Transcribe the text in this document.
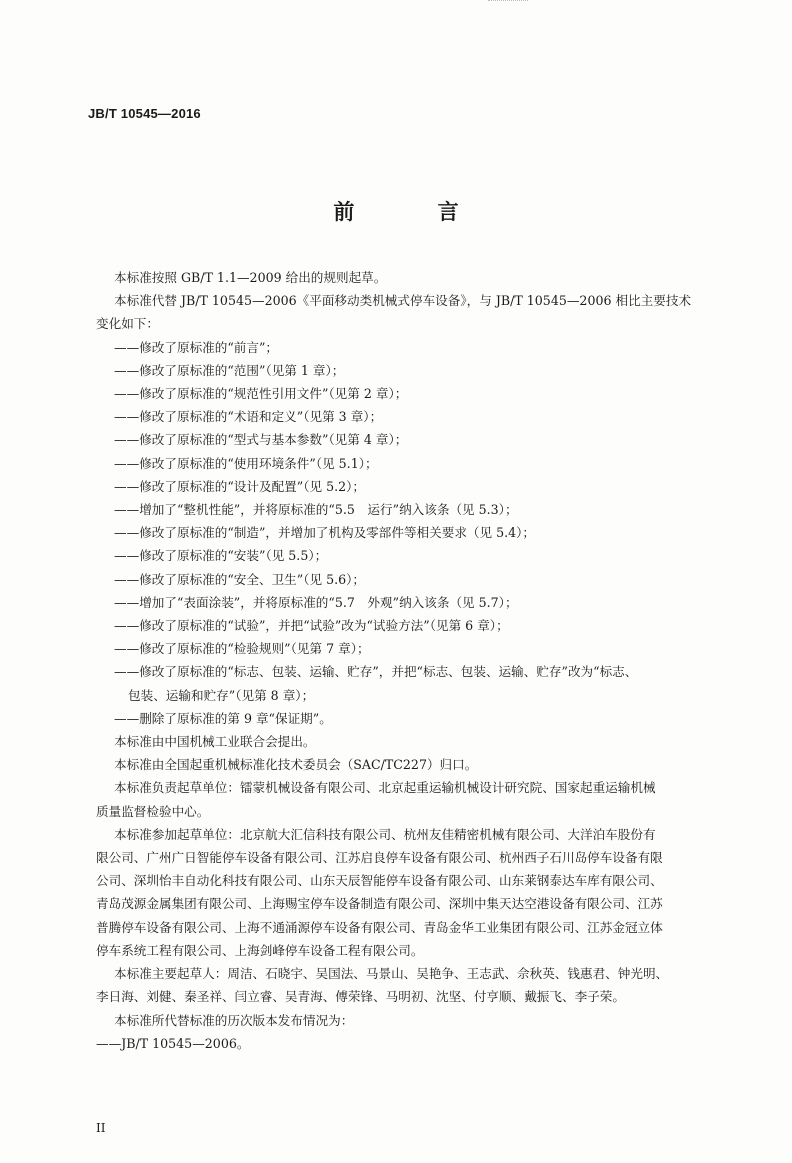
JB/T 10545—2016
前 言

本标准按照 GB/T 1.1—2009 给出的规则起草。

本标准代替 JB/T 10545—2006《平面移动类机械式停车设备》，与 JB/T 10545—2006 相比主要技术

变化如下：

——修改了原标准的“前言”；

——修改了原标准的“范围”（见第 1 章）；

——修改了原标准的“规范性引用文件”（见第 2 章）；

——修改了原标准的“术语和定义”（见第 3 章）；

——修改了原标准的“型式与基本参数”（见第 4 章）；

——修改了原标准的“使用环境条件”（见 5.1）；

——修改了原标准的“设计及配置”（见 5.2）；

——增加了“整机性能”，并将原标准的“5.5　运行”纳入该条（见 5.3）；

——修改了原标准的“制造”，并增加了机构及零部件等相关要求（见 5.4）；

——修改了原标准的“安装”（见 5.5）；

——修改了原标准的“安全、卫生”（见 5.6）；

——增加了“表面涂装”，并将原标准的“5.7　外观”纳入该条（见 5.7）；

——修改了原标准的“试验”，并把“试验”改为“试验方法”（见第 6 章）；

——修改了原标准的“检验规则”（见第 7 章）；

——修改了原标准的“标志、包装、运输、贮存”，并把“标志、包装、运输、贮存”改为“标志、

包装、运输和贮存”（见第 8 章）；

——删除了原标准的第 9 章“保证期”。

本标准由中国机械工业联合会提出。

本标准由全国起重机械标准化技术委员会（SAC/TC227）归口。

本标准负责起草单位：镭蒙机械设备有限公司、北京起重运输机械设计研究院、国家起重运输机械

质量监督检验中心。

本标准参加起草单位：北京航大汇信科技有限公司、杭州友佳精密机械有限公司、大洋泊车股份有

限公司、广州广日智能停车设备有限公司、江苏启良停车设备有限公司、杭州西子石川岛停车设备有限

公司、深圳怡丰自动化科技有限公司、山东天辰智能停车设备有限公司、山东莱钢泰达车库有限公司、

青岛茂源金属集团有限公司、上海赐宝停车设备制造有限公司、深圳中集天达空港设备有限公司、江苏

普腾停车设备有限公司、上海不通涌源停车设备有限公司、青岛金华工业集团有限公司、江苏金冠立体

停车系统工程有限公司、上海剑峰停车设备工程有限公司。

本标准主要起草人：周洁、石晓宇、吴国法、马景山、吴艳争、王志武、佘秋英、钱惠君、钟光明、

李日海、刘健、秦圣祥、闫立睿、吴青海、傅荣锋、马明初、沈坚、付亨顺、戴振飞、李子荣。

本标准所代替标准的历次版本发布情况为：

——JB/T 10545—2006。

II
